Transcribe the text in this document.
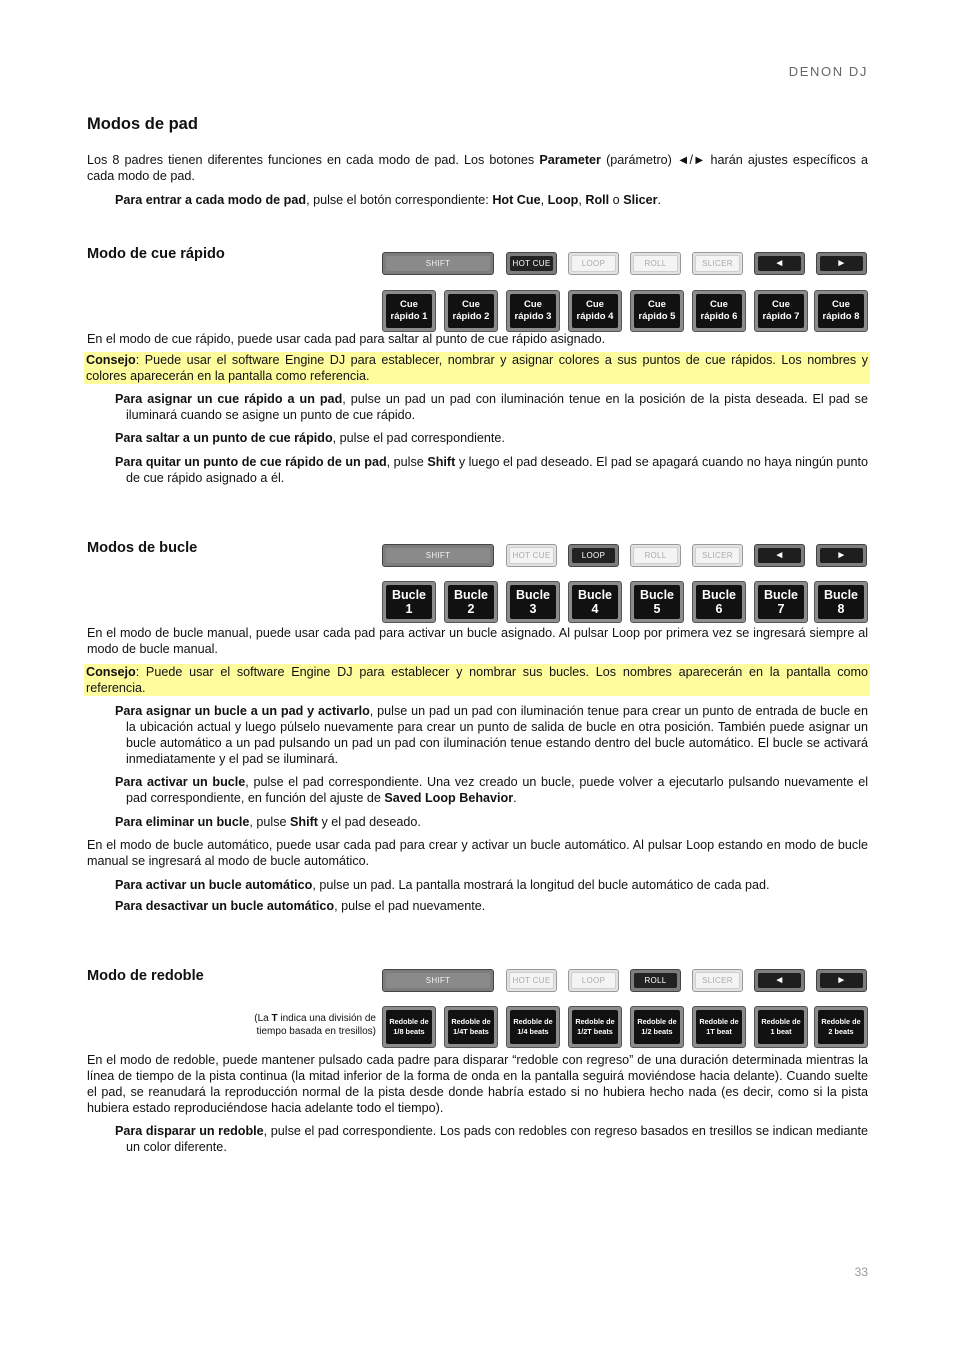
DENON DJ
Modos de pad

Los 8 padres tienen diferentes funciones en cada modo de pad. Los botones Parameter (parámetro) ◄/► harán ajustes específicos a cada modo de pad.

Para entrar a cada modo de pad, pulse el botón correspondiente: Hot Cue, Loop, Roll o Slicer.

Modo de cue rápido
SHIFT	HOT CUE	LOOP	ROLL	SLICER	◄	►
Cue
rápido 1
Cue
rápido 2
Cue
rápido 3
Cue
rápido 4
Cue
rápido 5
Cue
rápido 6
Cue
rápido 7
Cue
rápido 8

En el modo de cue rápido, puede usar cada pad para saltar al punto de cue rápido asignado.

Consejo: Puede usar el software Engine DJ para establecer, nombrar y asignar colores a sus puntos de cue rápidos. Los nombres y colores aparecerán en la pantalla como referencia.

Para asignar un cue rápido a un pad, pulse un pad un pad con iluminación tenue en la posición de la pista deseada. El pad se iluminará cuando se asigne un punto de cue rápido.

Para saltar a un punto de cue rápido, pulse el pad correspondiente.

Para quitar un punto de cue rápido de un pad, pulse Shift y luego el pad deseado. El pad se apagará cuando no haya ningún punto de cue rápido asignado a él.

Modos de bucle	SHIFT	HOT CUE	LOOP	ROLL	SLICER	◄	►
Bucle
1
Bucle
2
Bucle
3
Bucle
4
Bucle
5
Bucle
6
Bucle
7
Bucle
8

En el modo de bucle manual, puede usar cada pad para activar un bucle asignado. Al pulsar Loop por primera vez se ingresará siempre al modo de bucle manual.

Consejo: Puede usar el software Engine DJ para establecer y nombrar sus bucles. Los nombres aparecerán en la pantalla como referencia.

Para asignar un bucle a un pad y activarlo, pulse un pad un pad con iluminación tenue para crear un punto de entrada de bucle en la ubicación actual y luego púlselo nuevamente para crear un punto de salida de bucle en otra posición. También puede asignar un bucle automático a un pad pulsando un pad un pad con iluminación tenue estando dentro del bucle automático. El bucle se activará inmediatamente y el pad se iluminará.

Para activar un bucle, pulse el pad correspondiente. Una vez creado un bucle, puede volver a ejecutarlo pulsando nuevamente el pad correspondiente, en función del ajuste de Saved Loop Behavior.

Para eliminar un bucle, pulse Shift y el pad deseado.

En el modo de bucle automático, puede usar cada pad para crear y activar un bucle automático. Al pulsar Loop estando en modo de bucle manual se ingresará al modo de bucle automático.

Para activar un bucle automático, pulse un pad. La pantalla mostrará la longitud del bucle automático de cada pad.

Para desactivar un bucle automático, pulse el pad nuevamente.

Modo de redoble	SHIFT	HOT CUE	LOOP	ROLL	SLICER	◄	►
(La T indica una división de tiempo basada en tresillos)
Redoble de
1/8 beats
Redoble de
1/4T beats
Redoble de
1/4 beats
Redoble de
1/2T beats
Redoble de
1/2 beats
Redoble de
1T beat
Redoble de
1 beat
Redoble de
2 beats

En el modo de redoble, puede mantener pulsado cada padre para disparar “redoble con regreso” de una duración determinada mientras la línea de tiempo de la pista continua (la mitad inferior de la forma de onda en la pantalla seguirá moviéndose hacia delante). Cuando suelte el pad, se reanudará la reproducción normal de la pista desde donde habría estado si no hubiera hecho nada (es decir, como si la pista hubiera estado reproduciéndose hacia adelante todo el tiempo).

Para disparar un redoble, pulse el pad correspondiente. Los pads con redobles con regreso basados en tresillos se indican mediante un color diferente.

33
